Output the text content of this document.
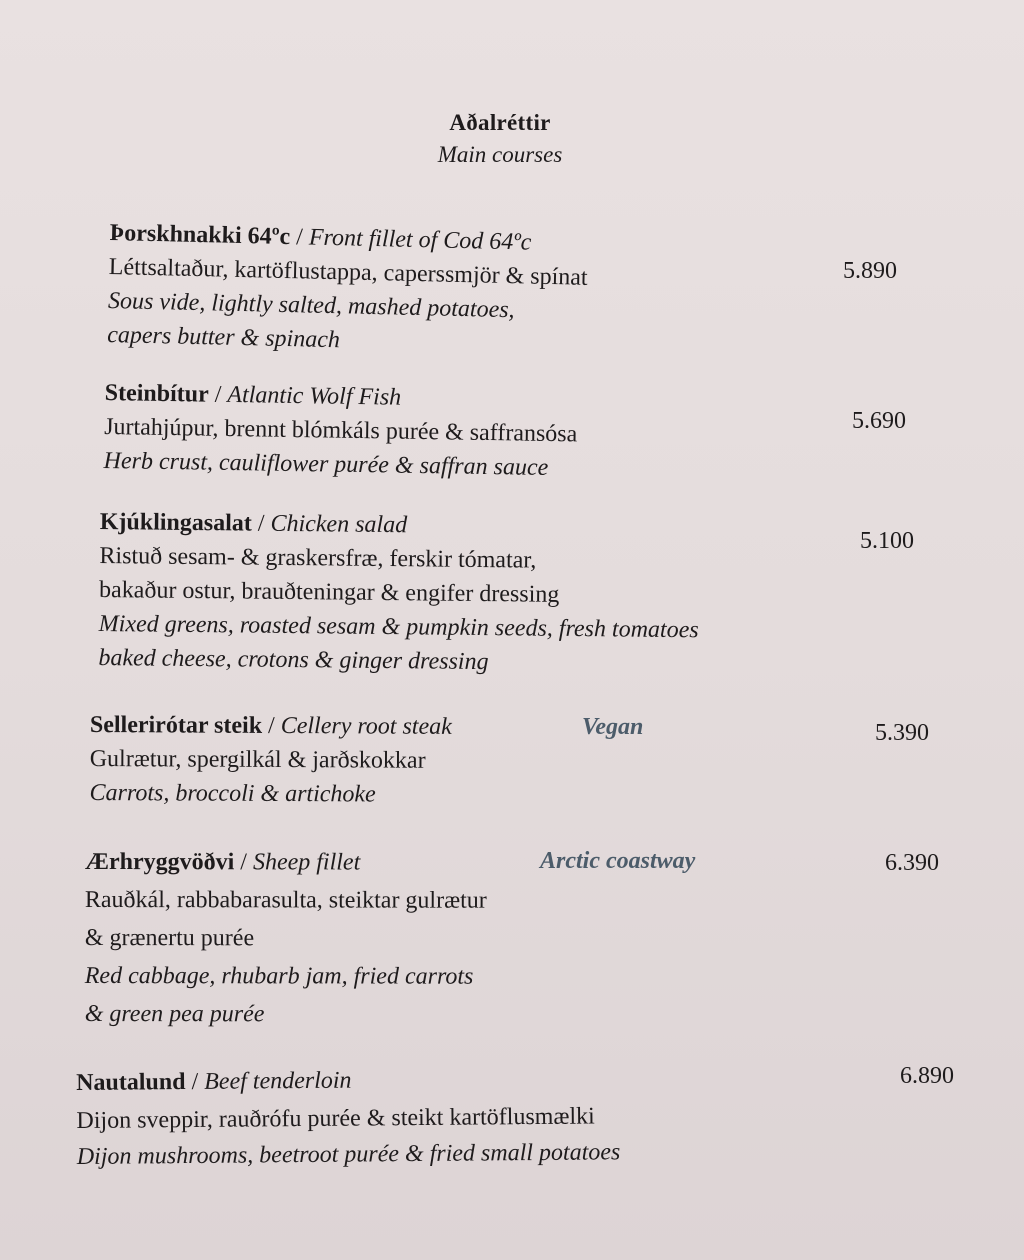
Aðalréttir
Main courses
Þorskhnakki 64ºc / Front fillet of Cod 64ºc
Léttsaltaður, kartöflustappa, caperssmjör & spínat
Sous vide, lightly salted, mashed potatoes,
capers butter & spinach
5.890
Steinbítur / Atlantic Wolf Fish
Jurtahjúpur, brennt blómkáls purée & saffransósa
Herb crust, cauliflower purée & saffran sauce
5.690
Kjúklingasalat / Chicken salad
Ristuð sesam- & graskersfræ, ferskir tómatar,
bakaður ostur, brauðteningar & engifer dressing
Mixed greens, roasted sesam & pumpkin seeds, fresh tomatoes
baked cheese, crotons & ginger dressing
5.100
Sellerirótar steik / Cellery root steak
Gulrætur, spergilkál & jarðskokkar
Carrots, broccoli & artichoke
Vegan	5.390
Ærhryggvöðvi / Sheep fillet
Rauðkál, rabbabarasulta, steiktar gulrætur
& grænertu purée
Red cabbage, rhubarb jam, fried carrots
& green pea purée
Arctic coastway	6.390
Nautalund / Beef tenderloin
Dijon sveppir, rauðrófu purée & steikt kartöflusmælki
Dijon mushrooms, beetroot purée & fried small potatoes
6.890
